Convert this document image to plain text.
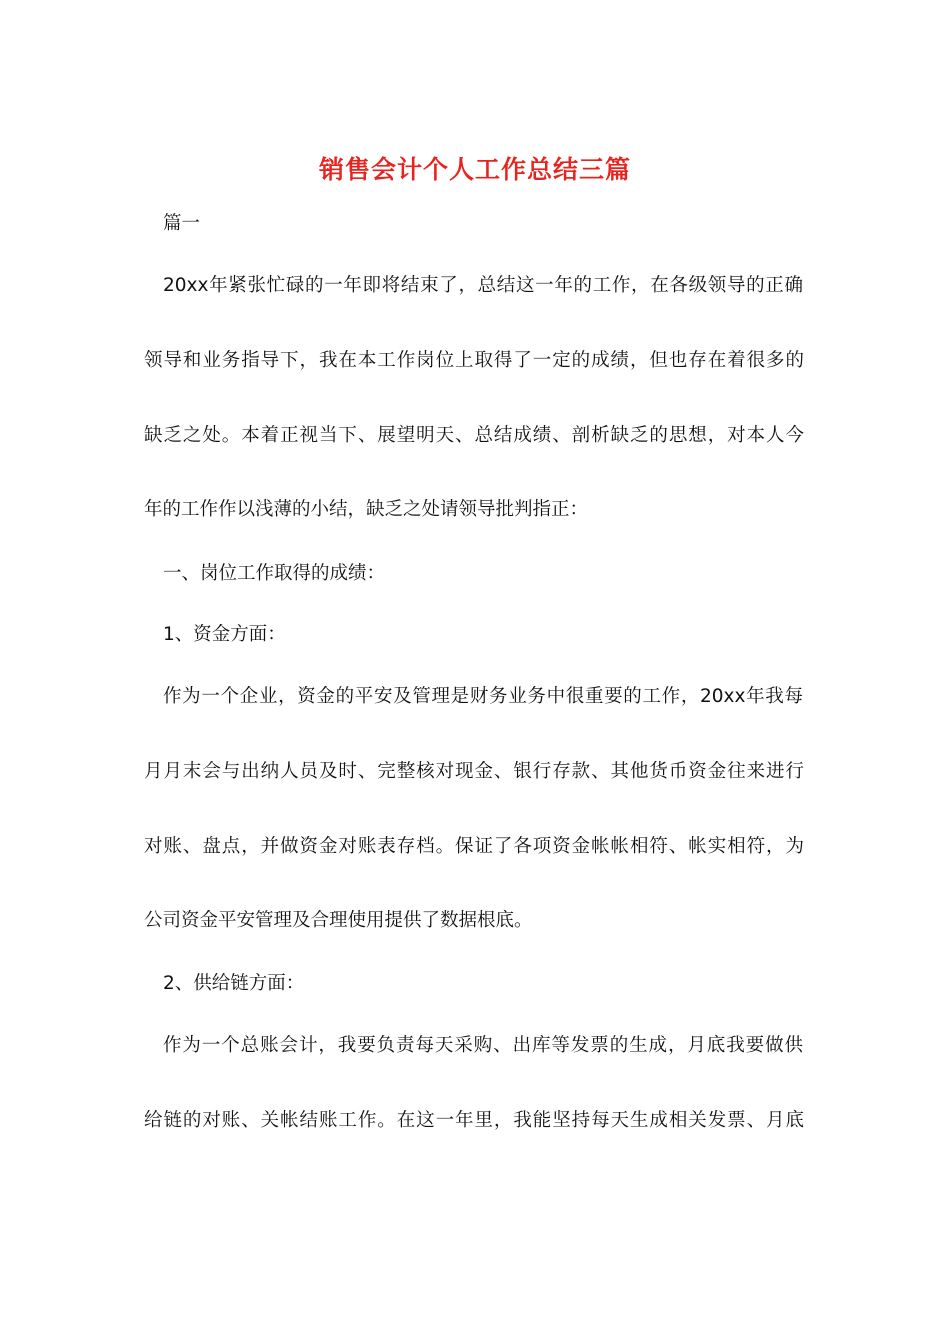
销售会计个人工作总结三篇
篇一
20xx年紧张忙碌的一年即将结束了，总结这一年的工作，在各级领导的正确
领导和业务指导下，我在本工作岗位上取得了一定的成绩，但也存在着很多的
缺乏之处。本着正视当下、展望明天、总结成绩、剖析缺乏的思想，对本人今
年的工作作以浅薄的小结，缺乏之处请领导批判指正：
一、岗位工作取得的成绩：
1、资金方面：
作为一个企业，资金的平安及管理是财务业务中很重要的工作，20xx年我每
月月末会与出纳人员及时、完整核对现金、银行存款、其他货币资金往来进行
对账、盘点，并做资金对账表存档。保证了各项资金帐帐相符、帐实相符，为
公司资金平安管理及合理使用提供了数据根底。
2、供给链方面：
作为一个总账会计，我要负责每天采购、出库等发票的生成，月底我要做供
给链的对账、关帐结账工作。在这一年里，我能坚持每天生成相关发票、月底
